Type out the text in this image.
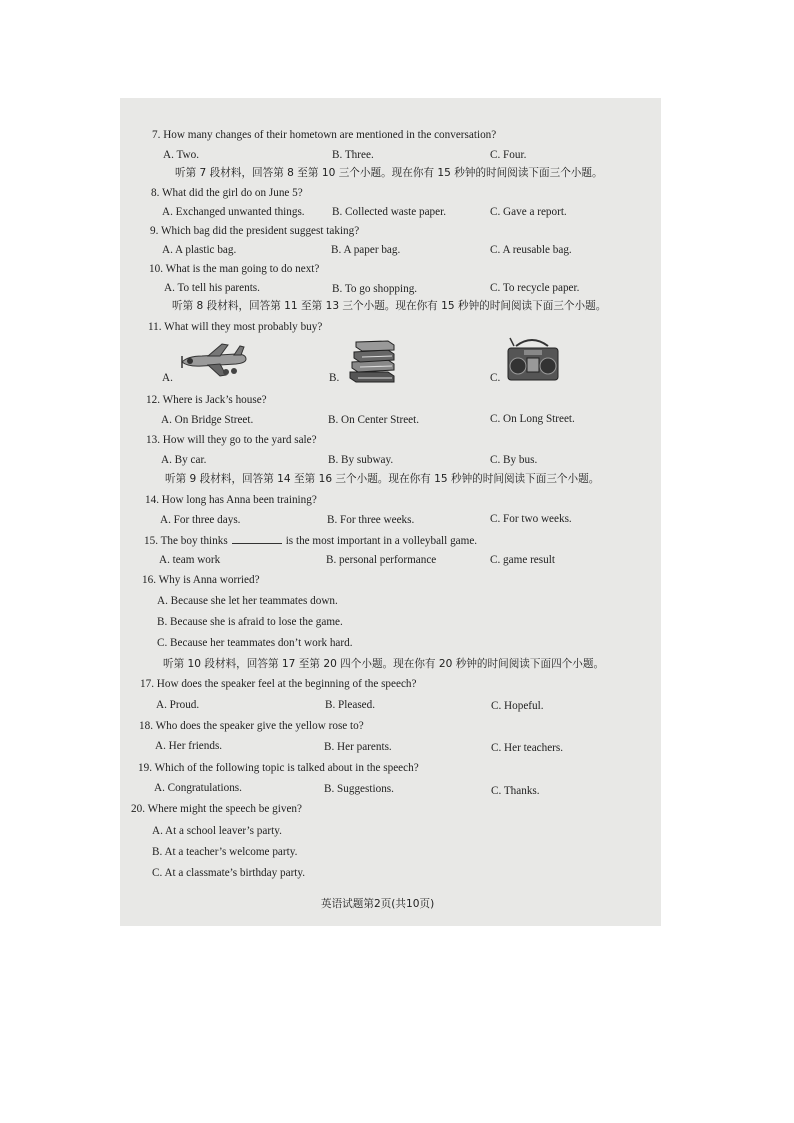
7. How many changes of their hometown are mentioned in the conversation?
A. Two.	B. Three.	C. Four.
听第 7 段材料，回答第 8 至第 10 三个小题。现在你有 15 秒钟的时间阅读下面三个小题。
8. What did the girl do on June 5?
A. Exchanged unwanted things. B. Collected waste paper.	C. Gave a report.
9. Which bag did the president suggest taking?
A. A plastic bag.	B. A paper bag.	C. A reusable bag.
10. What is the man going to do next?
A. To tell his parents.	B. To go shopping.	C. To recycle paper.
听第 8 段材料，回答第 11 至第 13 三个小题。现在你有 15 秒钟的时间阅读下面三个小题。
11. What will they most probably buy?
A.	B.	C.
12. Where is Jack’s house?
A. On Bridge Street.	B. On Center Street.	C. On Long Street.
13. How will they go to the yard sale?
A. By car.	B. By subway.	C. By bus.
听第 9 段材料，回答第 14 至第 16 三个小题。现在你有 15 秒钟的时间阅读下面三个小题。
14. How long has Anna been training?
A. For three days.	B. For three weeks.	C. For two weeks.
15. The boy thinks	is the most important in a volleyball game.
A. team work	B. personal performance	C. game result
16. Why is Anna worried?
A. Because she let her teammates down.
B. Because she is afraid to lose the game.
C. Because her teammates don’t work hard.
听第 10 段材料，回答第 17 至第 20 四个小题。现在你有 20 秒钟的时间阅读下面四个小题。
17. How does the speaker feel at the beginning of the speech?
A. Proud.	B. Pleased.	C. Hopeful.
18. Who does the speaker give the yellow rose to?
A. Her friends.	B. Her parents.	C. Her teachers.
19. Which of the following topic is talked about in the speech?
A. Congratulations.	B. Suggestions.	C. Thanks.
20. Where might the speech be given?
A. At a school leaver’s party.
B. At a teacher’s welcome party.
C. At a classmate’s birthday party.
英语试题第2页(共10页)
